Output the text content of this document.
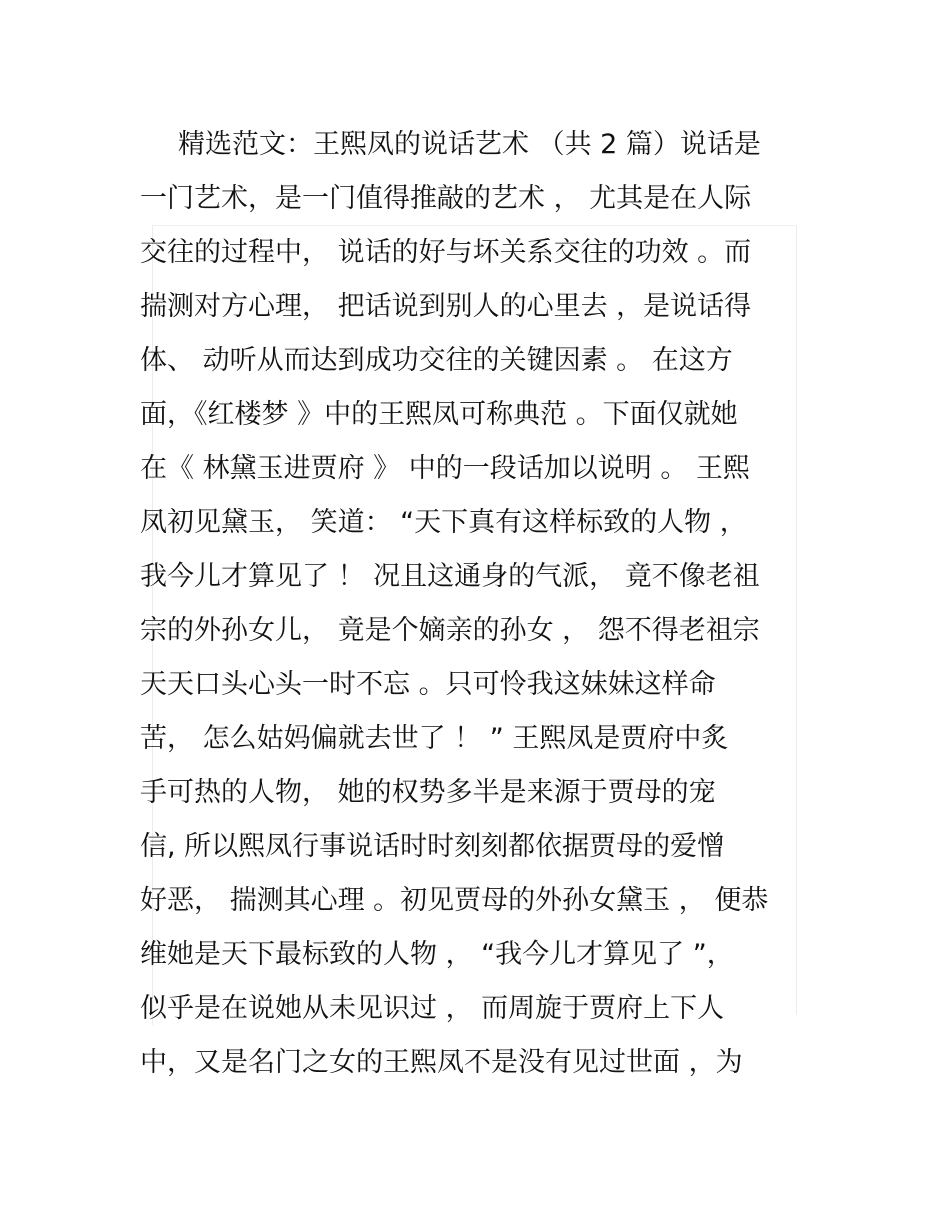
精选范文：王熙凤的说话艺术 （共 2 篇）说话是
一门艺术，是一门值得推敲的艺术 ， 尤其是在人际
交往的过程中， 说话的好与坏关系交往的功效 。而
揣测对方心理， 把话说到别人的心里去 ，是说话得
体、 动听从而达到成功交往的关键因素 。 在这方
面，《红楼梦 》中的王熙凤可称典范 。下面仅就她
在《 林黛玉进贾府 》 中的一段话加以说明 。 王熙
凤初见黛玉， 笑道： “天下真有这样标致的人物 ，
我今儿才算见了 ！ 况且这通身的气派， 竟不像老祖
宗的外孙女儿， 竟是个嫡亲的孙女 ， 怨不得老祖宗
天天口头心头一时不忘 。只可怜我这妹妹这样命
苦， 怎么姑妈偏就去世了 ！ ” 王熙凤是贾府中炙
手可热的人物， 她的权势多半是来源于贾母的宠
信, 所以熙凤行事说话时时刻刻都依据贾母的爱憎
好恶， 揣测其心理 。初见贾母的外孙女黛玉 ， 便恭
维她是天下最标致的人物 ， “我今儿才算见了 ”，
似乎是在说她从未见识过 ， 而周旋于贾府上下人
中，又是名门之女的王熙凤不是没有见过世面 ，为
